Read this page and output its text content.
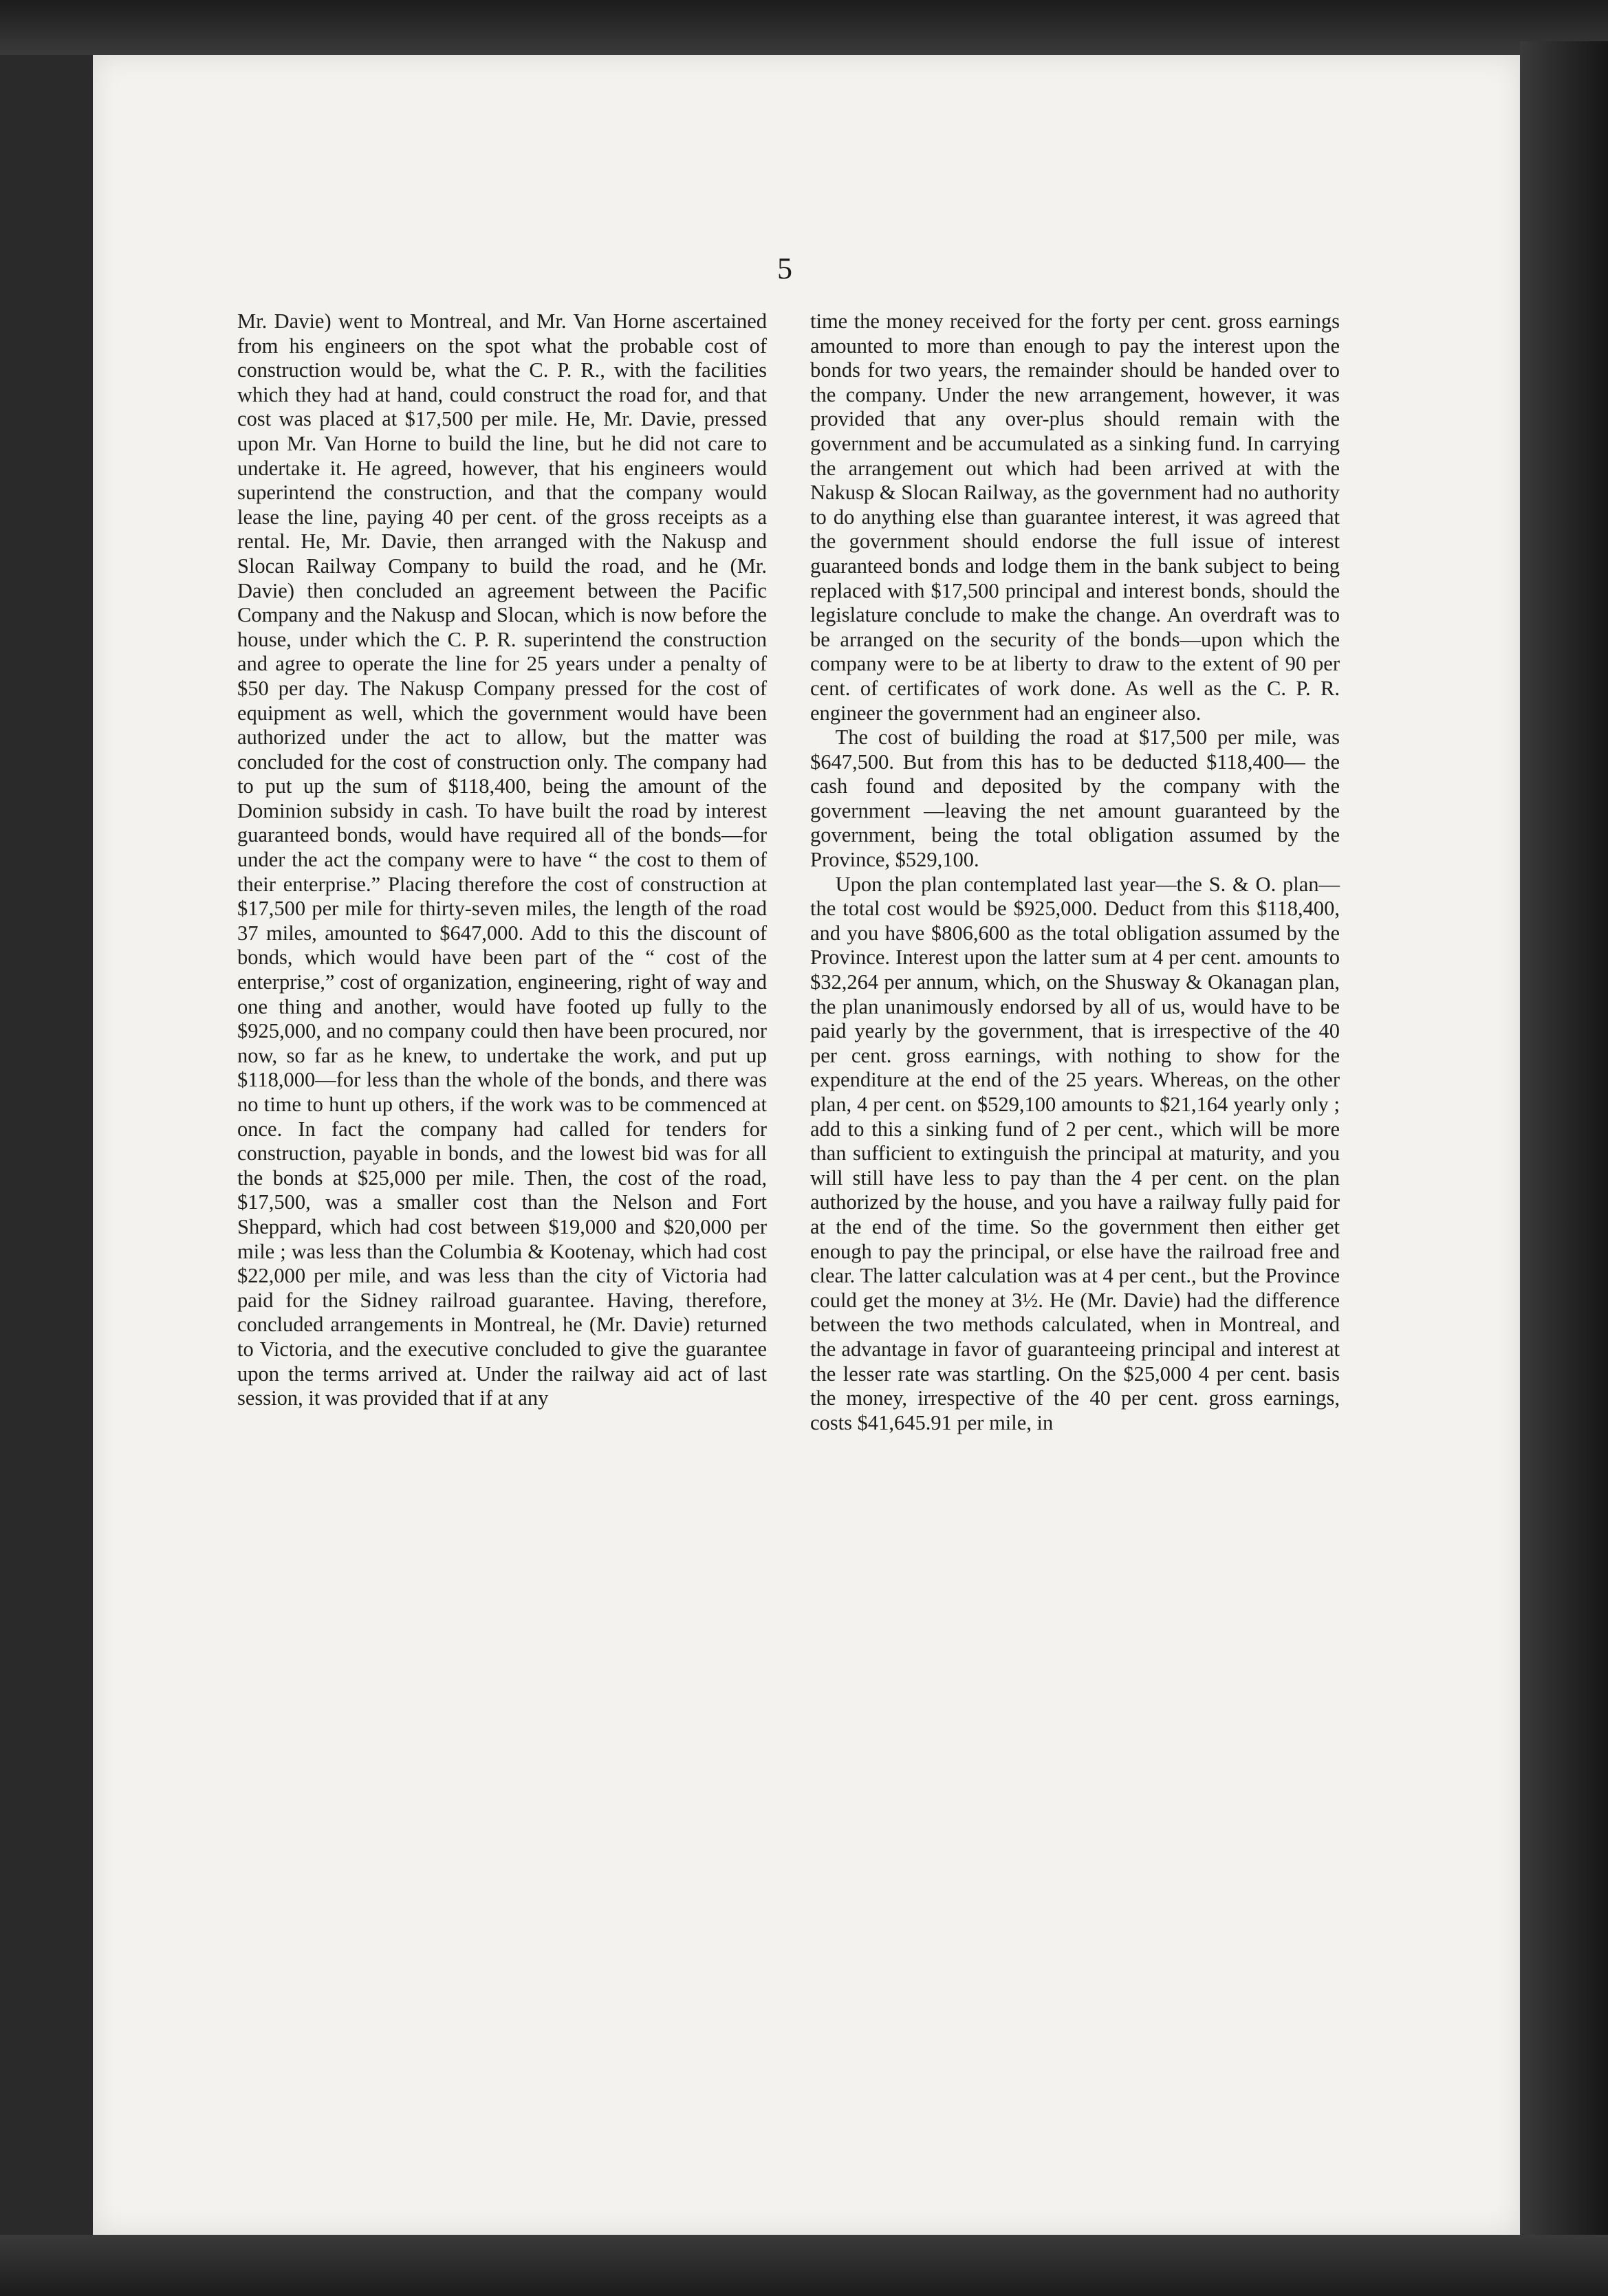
5

Mr. Davie) went to Montreal, and Mr. Van Horne ascertained from his engineers on the spot what the probable cost of construction would be, what the C. P. R., with the facilities which they had at hand, could construct the road for, and that cost was placed at $17,500 per mile. He, Mr. Davie, pressed upon Mr. Van Horne to build the line, but he did not care to undertake it. He agreed, however, that his engineers would superintend the construction, and that the company would lease the line, paying 40 per cent. of the gross receipts as a rental. He, Mr. Davie, then arranged with the Nakusp and Slocan Railway Company to build the road, and he (Mr. Davie) then concluded an agreement between the Pacific Company and the Nakusp and Slocan, which is now before the house, under which the C. P. R. superintend the construction and agree to operate the line for 25 years under a penalty of $50 per day. The Nakusp Company pressed for the cost of equipment as well, which the government would have been authorized under the act to allow, but the matter was concluded for the cost of construction only. The company had to put up the sum of $118,400, being the amount of the Dominion subsidy in cash. To have built the road by interest guaranteed bonds, would have required all of the bonds—for under the act the company were to have “ the cost to them of their enterprise.” Placing therefore the cost of construction at $17,500 per mile for thirty-seven miles, the length of the road 37 miles, amounted to $647,000. Add to this the discount of bonds, which would have been part of the “ cost of the enterprise,” cost of organization, engineering, right of way and one thing and another, would have footed up fully to the $925,000, and no company could then have been procured, nor now, so far as he knew, to undertake the work, and put up $118,000—for less than the whole of the bonds, and there was no time to hunt up others, if the work was to be commenced at once. In fact the company had called for tenders for construction, payable in bonds, and the lowest bid was for all the bonds at $25,000 per mile. Then, the cost of the road, $17,500, was a smaller cost than the Nelson and Fort Sheppard, which had cost between $19,000 and $20,000 per mile ; was less than the Columbia & Kootenay, which had cost $22,000 per mile, and was less than the city of Victoria had paid for the Sidney railroad guarantee. Having, therefore, concluded arrangements in Montreal, he (Mr. Davie) returned to Victoria, and the executive concluded to give the guarantee upon the terms arrived at. Under the railway aid act of last session, it was provided that if at any

time the money received for the forty per cent. gross earnings amounted to more than enough to pay the interest upon the bonds for two years, the remainder should be handed over to the company. Under the new arrangement, however, it was provided that any over-plus should remain with the government and be accumulated as a sinking fund. In carrying the arrangement out which had been arrived at with the Nakusp & Slocan Railway, as the government had no authority to do anything else than guarantee interest, it was agreed that the government should endorse the full issue of interest guaranteed bonds and lodge them in the bank subject to being replaced with $17,500 principal and interest bonds, should the legislature conclude to make the change. An overdraft was to be arranged on the security of the bonds—upon which the company were to be at liberty to draw to the extent of 90 per cent. of certificates of work done. As well as the C. P. R. engineer the government had an engineer also.

The cost of building the road at $17,500 per mile, was $647,500. But from this has to be deducted $118,400— the cash found and deposited by the company with the government —leaving the net amount guaranteed by the government, being the total obligation assumed by the Province, $529,100.

Upon the plan contemplated last year—the S. & O. plan—the total cost would be $925,000. Deduct from this $118,400, and you have $806,600 as the total obligation assumed by the Province. Interest upon the latter sum at 4 per cent. amounts to $32,264 per annum, which, on the Shusway & Okanagan plan, the plan unanimously endorsed by all of us, would have to be paid yearly by the government, that is irrespective of the 40 per cent. gross earnings, with nothing to show for the expenditure at the end of the 25 years. Whereas, on the other plan, 4 per cent. on $529,100 amounts to $21,164 yearly only ; add to this a sinking fund of 2 per cent., which will be more than sufficient to extinguish the principal at maturity, and you will still have less to pay than the 4 per cent. on the plan authorized by the house, and you have a railway fully paid for at the end of the time. So the government then either get enough to pay the principal, or else have the railroad free and clear. The latter calculation was at 4 per cent., but the Province could get the money at 3½. He (Mr. Davie) had the difference between the two methods calculated, when in Montreal, and the advantage in favor of guaranteeing principal and interest at the lesser rate was startling. On the $25,000 4 per cent. basis the money, irrespective of the 40 per cent. gross earnings, costs $41,645.91 per mile, in
